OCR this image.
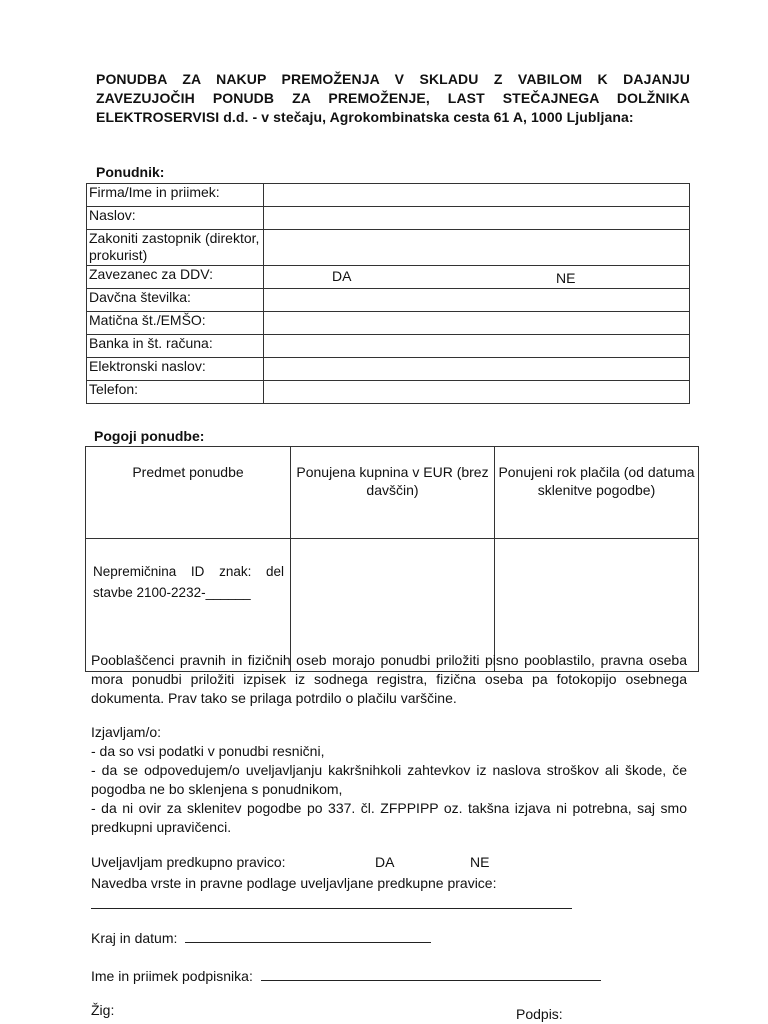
PONUDBA ZA NAKUP PREMOŽENJA V SKLADU Z VABILOM K DAJANJU ZAVEZUJOČIH PONUDB ZA PREMOŽENJE, LAST STEČAJNEGA DOLŽNIKA ELEKTROSERVISI d.d. - v stečaju, Agrokombinatska cesta 61 A, 1000 Ljubljana:
Ponudnik:
Firma/Ime in priimek:	
Naslov:	
Zakoniti zastopnik (direktor, prokurist)	
Zavezanec za DDV:	DA NE

Davčna številka:	
Matična št./EMŠO:	
Banka in št. računa:	
Elektronski naslov:	
Telefon:	
Pogoji ponudbe:
Predmet ponudbe	Ponujena kupnina v EUR (brez davščin)	Ponujeni rok plačila (od datuma sklenitve pogodbe)
Nepremičnina ID znak: del stavbe 2100-2232-______		
Pooblaščenci pravnih in fizičnih oseb morajo ponudbi priložiti pisno pooblastilo, pravna oseba mora ponudbi priložiti izpisek iz sodnega registra, fizična oseba pa fotokopijo osebnega dokumenta. Prav tako se prilaga potrdilo o plačilu varščine.
Izjavljam/o:
- da so vsi podatki v ponudbi resnični,
- da se odpovedujem/o uveljavljanju kakršnihkoli zahtevkov iz naslova stroškov ali škode, če pogodba ne bo sklenjena s ponudnikom,
- da ni ovir za sklenitev pogodbe po 337. čl. ZFPPIPP oz. takšna izjava ni potrebna, saj smo predkupni upravičenci.
Uveljavljam predkupno pravico:	DA	NE
Navedba vrste in pravne podlage uveljavljane predkupne pravice:
Kraj in datum:
Ime in priimek podpisnika:
Žig:	Podpis:
